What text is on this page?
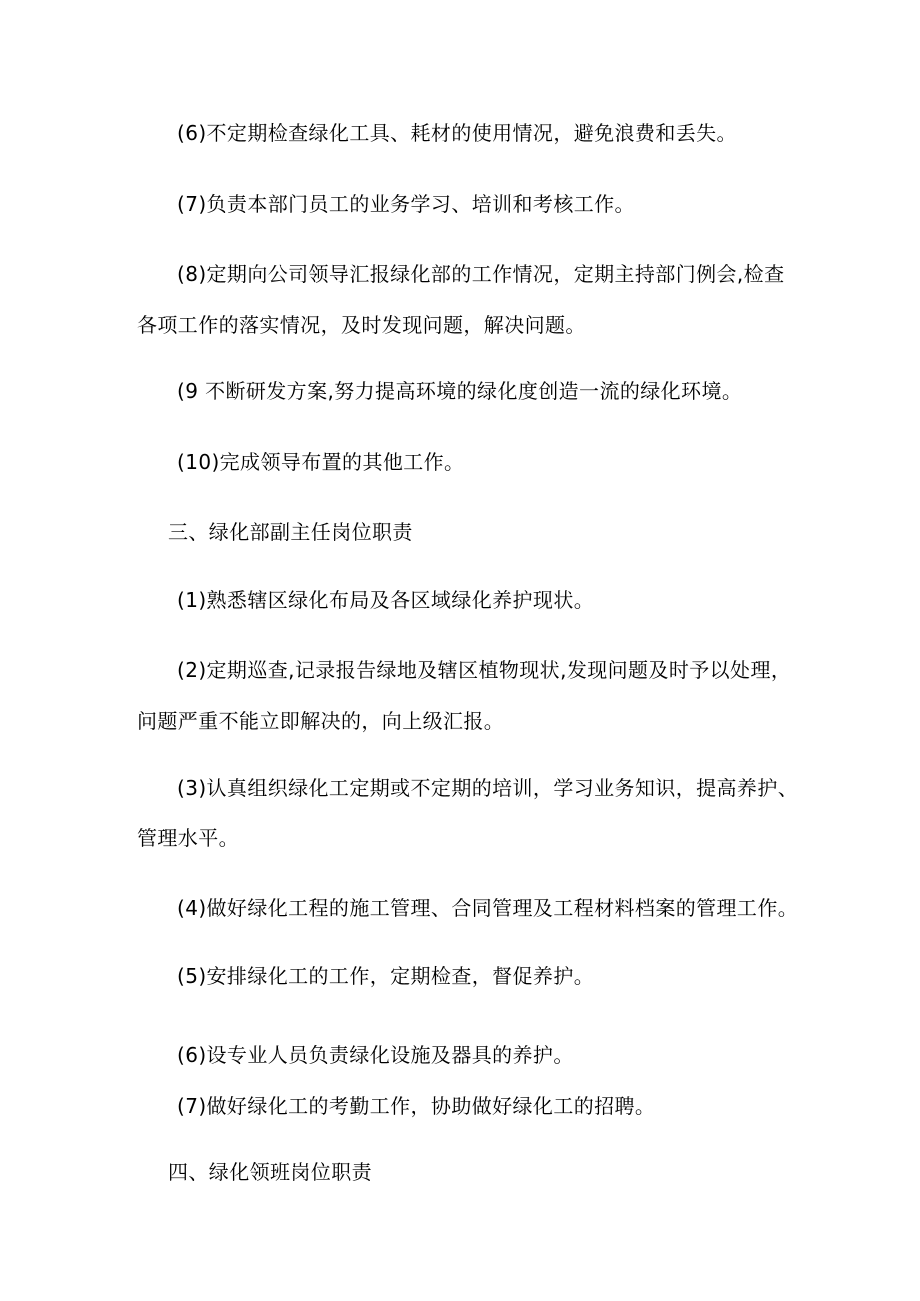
(6)不定期检查绿化工具、耗材的使用情况，避免浪费和丢失。
(7)负责本部门员工的业务学习、培训和考核工作。
(8)定期向公司领导汇报绿化部的工作情况，定期主持部门例会,检查
各项工作的落实情况，及时发现问题，解决问题。
(9 不断研发方案,努力提高环境的绿化度创造一流的绿化环境。
(10)完成领导布置的其他工作。
三、绿化部副主任岗位职责
(1)熟悉辖区绿化布局及各区域绿化养护现状。
(2)定期巡查,记录报告绿地及辖区植物现状,发现问题及时予以处理，
问题严重不能立即解决的，向上级汇报。
(3)认真组织绿化工定期或不定期的培训，学习业务知识，提高养护、
管理水平。
(4)做好绿化工程的施工管理、合同管理及工程材料档案的管理工作。
(5)安排绿化工的工作，定期检查，督促养护。
(6)设专业人员负责绿化设施及器具的养护。
(7)做好绿化工的考勤工作，协助做好绿化工的招聘。
四、绿化领班岗位职责
